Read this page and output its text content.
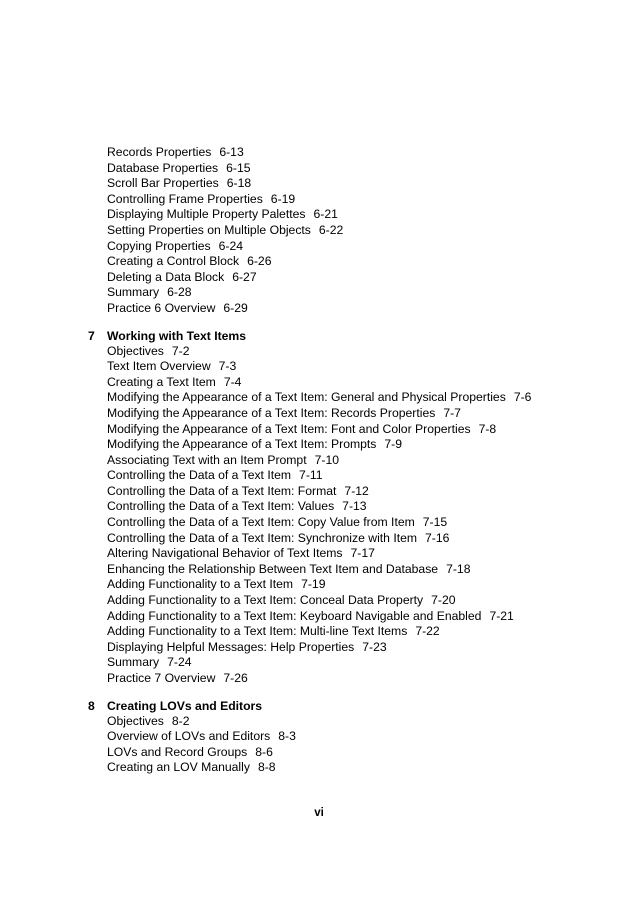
Records Properties 6-13
Database Properties 6-15
Scroll Bar Properties 6-18
Controlling Frame Properties 6-19
Displaying Multiple Property Palettes 6-21
Setting Properties on Multiple Objects 6-22
Copying Properties 6-24
Creating a Control Block 6-26
Deleting a Data Block 6-27
Summary 6-28
Practice 6 Overview 6-29
7 Working with Text Items
Objectives 7-2
Text Item Overview 7-3
Creating a Text Item 7-4
Modifying the Appearance of a Text Item: General and Physical Properties 7-6
Modifying the Appearance of a Text Item: Records Properties 7-7
Modifying the Appearance of a Text Item: Font and Color Properties 7-8
Modifying the Appearance of a Text Item: Prompts 7-9
Associating Text with an Item Prompt 7-10
Controlling the Data of a Text Item 7-11
Controlling the Data of a Text Item: Format 7-12
Controlling the Data of a Text Item: Values 7-13
Controlling the Data of a Text Item: Copy Value from Item 7-15
Controlling the Data of a Text Item: Synchronize with Item 7-16
Altering Navigational Behavior of Text Items 7-17
Enhancing the Relationship Between Text Item and Database 7-18
Adding Functionality to a Text Item 7-19
Adding Functionality to a Text Item: Conceal Data Property 7-20
Adding Functionality to a Text Item: Keyboard Navigable and Enabled 7-21
Adding Functionality to a Text Item: Multi-line Text Items 7-22
Displaying Helpful Messages: Help Properties 7-23
Summary 7-24
Practice 7 Overview 7-26
8 Creating LOVs and Editors
Objectives 8-2
Overview of LOVs and Editors 8-3
LOVs and Record Groups 8-6
Creating an LOV Manually 8-8
vi
